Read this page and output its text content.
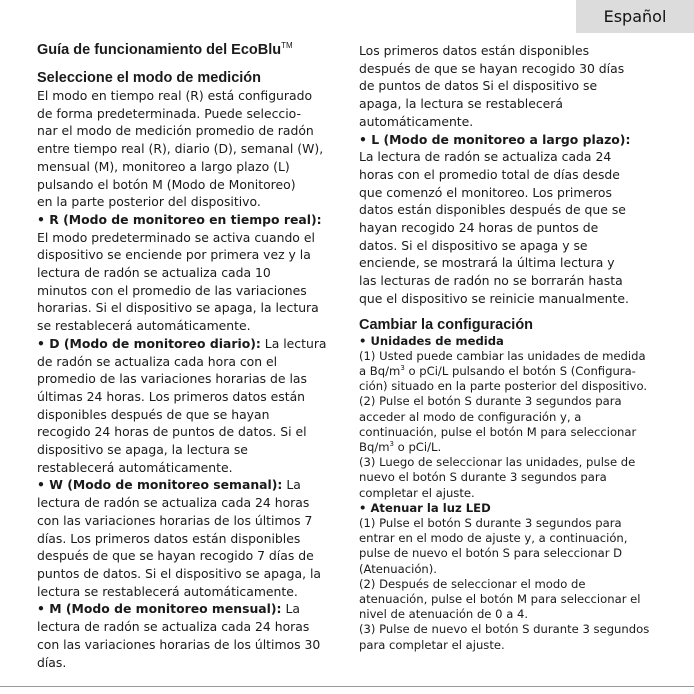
Español

Guía de funcionamiento del EcoBlu™

Seleccione el modo de medición

El modo en tiempo real (R) está configurado

de forma predeterminada. Puede seleccio-

nar el modo de medición promedio de radón

entre tiempo real (R), diario (D), semanal (W),

mensual (M), monitoreo a largo plazo (L)

pulsando el botón M (Modo de Monitoreo)

en la parte posterior del dispositivo.

• R (Modo de monitoreo en tiempo real):

El modo predeterminado se activa cuando el

dispositivo se enciende por primera vez y la

lectura de radón se actualiza cada 10

minutos con el promedio de las variaciones

horarias. Si el dispositivo se apaga, la lectura

se restablecerá automáticamente.

• D (Modo de monitoreo diario): La lectura

de radón se actualiza cada hora con el

promedio de las variaciones horarias de las

últimas 24 horas. Los primeros datos están

disponibles después de que se hayan

recogido 24 horas de puntos de datos. Si el

dispositivo se apaga, la lectura se

restablecerá automáticamente.

• W (Modo de monitoreo semanal): La

lectura de radón se actualiza cada 24 horas

con las variaciones horarias de los últimos 7

días. Los primeros datos están disponibles

después de que se hayan recogido 7 días de

puntos de datos. Si el dispositivo se apaga, la

lectura se restablecerá automáticamente.

• M (Modo de monitoreo mensual): La

lectura de radón se actualiza cada 24 horas

con las variaciones horarias de los últimos 30

días.

Los primeros datos están disponibles

después de que se hayan recogido 30 días

de puntos de datos Si el dispositivo se

apaga, la lectura se restablecerá

automáticamente.

• L (Modo de monitoreo a largo plazo):

La lectura de radón se actualiza cada 24

horas con el promedio total de días desde

que comenzó el monitoreo. Los primeros

datos están disponibles después de que se

hayan recogido 24 horas de puntos de

datos. Si el dispositivo se apaga y se

enciende, se mostrará la última lectura y

las lecturas de radón no se borrarán hasta

que el dispositivo se reinicie manualmente.

Cambiar la configuración

• Unidades de medida

(1) Usted puede cambiar las unidades de medida

a $Bq/m^3$ o pCi/L pulsando el botón S (Configura-

ción) situado en la parte posterior del dispositivo.

(2) Pulse el botón S durante 3 segundos para

acceder al modo de configuración y, a

continuación, pulse el botón M para seleccionar

$Bq/m^3$ o pCi/L.

(3) Luego de seleccionar las unidades, pulse de

nuevo el botón S durante 3 segundos para

completar el ajuste.

• Atenuar la luz LED

(1) Pulse el botón S durante 3 segundos para

entrar en el modo de ajuste y, a continuación,

pulse de nuevo el botón S para seleccionar D

(Atenuación).

(2) Después de seleccionar el modo de

atenuación, pulse el botón M para seleccionar el

nivel de atenuación de 0 a 4.

(3) Pulse de nuevo el botón S durante 3 segundos

para completar el ajuste.
